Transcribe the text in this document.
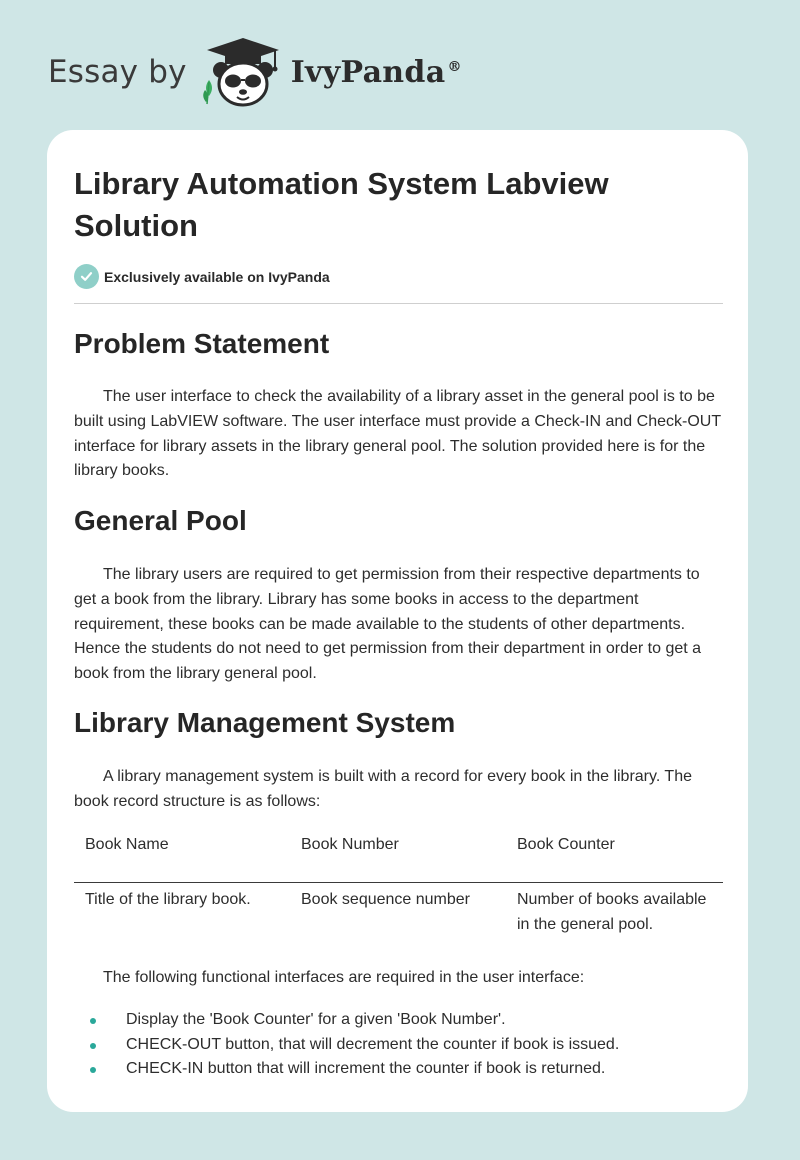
Essay by	IvyPanda ®
Library Automation System Labview Solution
Exclusively available on IvyPanda
Problem Statement

The user interface to check the availability of a library asset in the general pool is to be built using LabVIEW software. The user interface must provide a Check-IN and Check-OUT interface for library assets in the library general pool. The solution provided here is for the library books.

General Pool

The library users are required to get permission from their respective departments to get a book from the library. Library has some books in access to the department requirement, these books can be made available to the students of other departments. Hence the students do not need to get permission from their department in order to get a book from the library general pool.

Library Management System

A library management system is built with a record for every book in the library. The book record structure is as follows:

Book Name	Book Number	Book Counter
Title of the library book.	Book sequence number	Number of books available in the general pool.

The following functional interfaces are required in the user interface:

Display the 'Book Counter' for a given 'Book Number'.
CHECK-OUT button, that will decrement the counter if book is issued.
CHECK-IN button that will increment the counter if book is returned.
